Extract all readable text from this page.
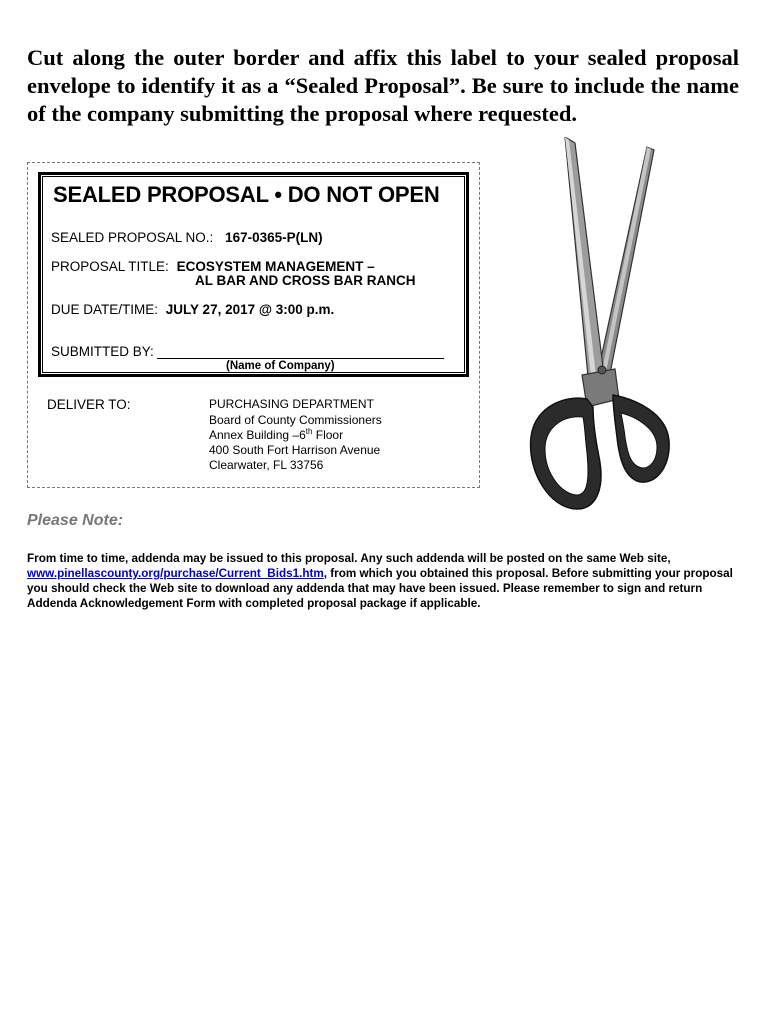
Cut along the outer border and affix this label to your sealed proposal
envelope to identify it as a “Sealed Proposal”. Be sure to include the name
of the company submitting the proposal where requested.

SEALED PROPOSAL • DO NOT OPEN
SEALED PROPOSAL NO.: 167-0365-P(LN)
PROPOSAL TITLE: ECOSYSTEM MANAGEMENT –
AL BAR AND CROSS BAR RANCH
DUE DATE/TIME: JULY 27, 2017 @ 3:00 p.m.
SUBMITTED BY:
(Name of Company)
DELIVER TO:	PURCHASING DEPARTMENT
Board of County Commissioners
Annex Building –6th Floor
400 South Fort Harrison Avenue
Clearwater, FL 33756
Please Note:

From time to time, addenda may be issued to this proposal. Any such addenda will be posted on the same Web site, www.pinellascounty.org/purchase/Current_Bids1.htm, from which you obtained this proposal. Before submitting your proposal you should check the Web site to download any addenda that may have been issued. Please remember to sign and return Addenda Acknowledgement Form with completed proposal package if applicable.
